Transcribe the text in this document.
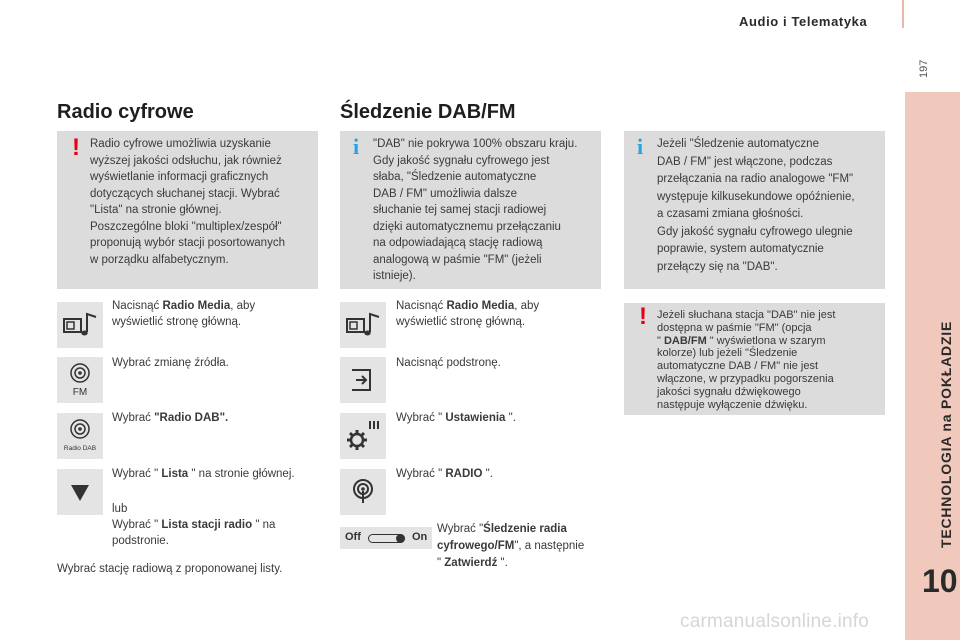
Audio i Telematyka
197
TECHNOLOGIA na POKŁADZIE
10
Radio cyfrowe
! Radio cyfrowe umożliwia uzyskanie
wyższej jakości odsłuchu, jak również
wyświetlanie informacji graficznych
dotyczących słuchanej stacji. Wybrać
"Lista" na stronie głównej.
Poszczególne bloki "multiplex/zespół"
proponują wybór stacji posortowanych
w porządku alfabetycznym.
Nacisnąć Radio Media, aby
wyświetlić stronę główną.
FM
Wybrać zmianę źródła.
Radio DAB
Wybrać "Radio DAB".
Wybrać " Lista " na stronie głównej.
lub
Wybrać " Lista stacji radio " na
podstronie.
Wybrać stację radiową z proponowanej listy.
Śledzenie DAB/FM
i "DAB" nie pokrywa 100% obszaru kraju.
Gdy jakość sygnału cyfrowego jest
słaba, "Śledzenie automatyczne
DAB / FM" umożliwia dalsze
słuchanie tej samej stacji radiowej
dzięki automatycznemu przełączaniu
na odpowiadającą stację radiową
analogową w paśmie "FM" (jeżeli
istnieje).
Nacisnąć Radio Media, aby
wyświetlić stronę główną.
Nacisnąć podstronę.
Wybrać " Ustawienia ".
Wybrać " RADIO ".
Off	On
Wybrać "Śledzenie radia
cyfrowego/FM", a następnie
" Zatwierdź ".
i Jeżeli "Śledzenie automatyczne
DAB / FM" jest włączone, podczas
przełączania na radio analogowe "FM"
występuje kilkusekundowe opóźnienie,
a czasami zmiana głośności.
Gdy jakość sygnału cyfrowego ulegnie
poprawie, system automatycznie
przełączy się na "DAB".
! Jeżeli słuchana stacja "DAB" nie jest
dostępna w paśmie "FM" (opcja
" DAB/FM " wyświetlona w szarym
kolorze) lub jeżeli "Śledzenie
automatyczne DAB / FM" nie jest
włączone, w przypadku pogorszenia
jakości sygnału dźwiękowego
następuje wyłączenie dźwięku.
carmanualsonline.info
